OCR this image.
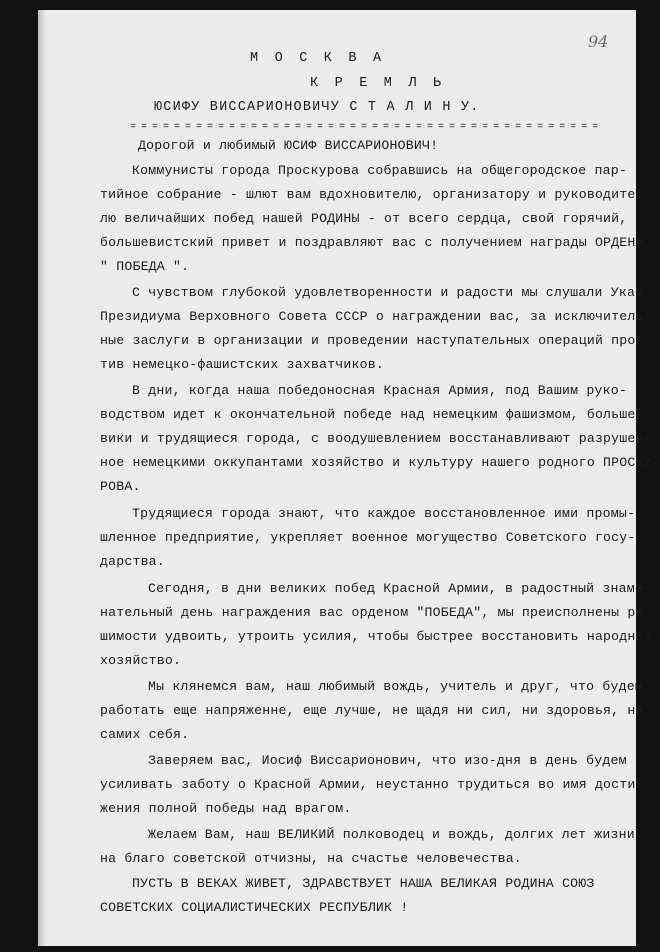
94
М О С К В А
К Р Е М Л Ь
ЮСИФУ ВИССАРИОНОВИЧУ С Т А Л И Н У.
= = = = = = = = = = = = = = = = = = = = = = = = = = = = = = = = = = = = = = = = = = =
Дорогой и любимый ЮСИФ ВИССАРИОНОВИЧ!
Коммунисты города Проскурова собравшись на общегородское пар-
тийное собрание - шлют вам вдохновителю, организатору и руководите-
лю величайших побед нашей РОДИНЫ - от всего сердца, свой горячий,
большевистский привет и поздравляют вас с получением награды ОРДЕНА
" ПОБЕДА ".
С чувством глубокой удовлетворенности и радости мы слушали Указ
Президиума Верховного Совета СССР о награждении вас, за исключитель-
ные заслуги в организации и проведении наступательных операций про-
тив немецко-фашистских захватчиков.
В дни, когда наша победоносная Красная Армия, под Вашим руко-
водством идет к окончательной победе над немецким фашизмом, больше-
вики и трудящиеся города, с воодушевлением восстанавливают разрушен-
ное немецкими оккупантами хозяйство и культуру нашего родного ПРОСКУ-
РОВА.
Трудящиеся города знают, что каждое восстановленное ими промы-
шленное предприятие, укрепляет военное могущество Советского госу-
дарства.
Сегодня, в дни великих побед Красной Армии, в радостный знаме-
нательный день награждения вас орденом "ПОБЕДА", мы преисполнены ре-
шимости удвоить, утроить усилия, чтобы быстрее восстановить народное
хозяйство.
Мы клянемся вам, наш любимый вождь, учитель и друг, что будем
работать еще напряженне, еще лучше, не щадя ни сил, ни здоровья, ни
самих себя.
Заверяем вас, Иосиф Виссарионович, что изо-дня в день будем
усиливать заботу о Красной Армии, неустанно трудиться во имя дости-
жения полной победы над врагом.
Желаем Вам, наш ВЕЛИКИЙ полководец и вождь, долгих лет жизни
на благо советской отчизны, на счастье человечества.
ПУСТЬ В ВЕКАХ ЖИВЕТ, ЗДРАВСТВУЕТ НАША ВЕЛИКАЯ РОДИНА СОЮЗ
СОВЕТСКИХ СОЦИАЛИСТИЧЕСКИХ РЕСПУБЛИК !
